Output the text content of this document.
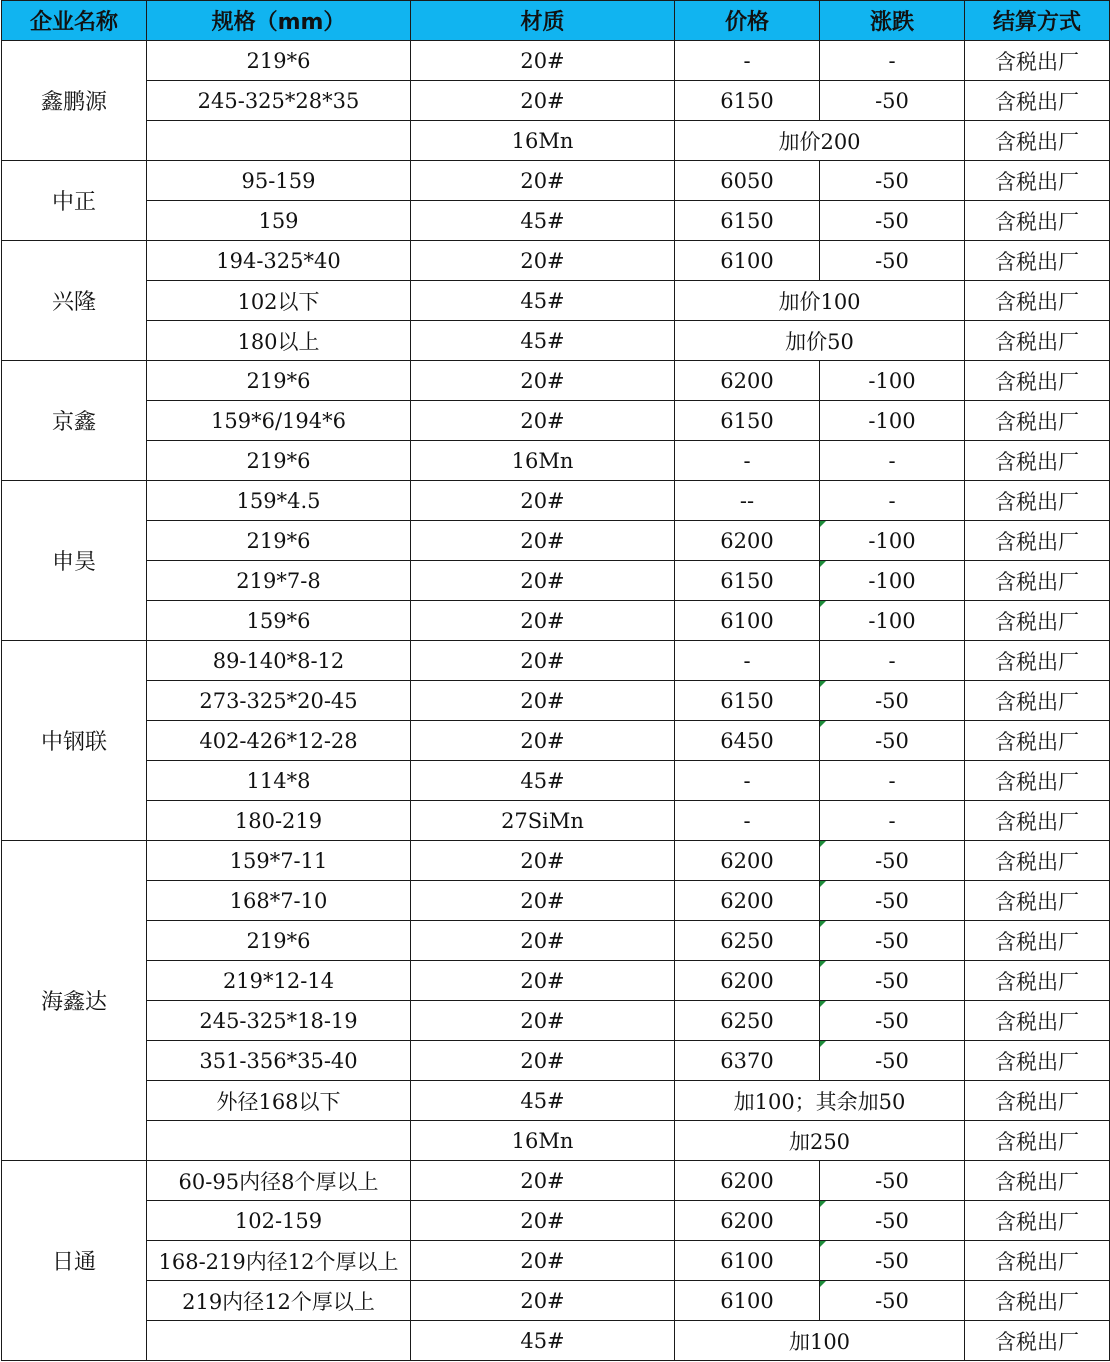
企业名称	规格（mm）	材质	价格	涨跌	结算方式
鑫鹏源	219*6	20#	-	-	含税出厂
	245-325*28*35	20#	6150	-50	含税出厂
		16Mn	加价200		含税出厂
中正	95-159	20#	6050	-50	含税出厂
	159	45#	6150	-50	含税出厂
兴隆	194-325*40	20#	6100	-50	含税出厂
	102以下	45#	加价100		含税出厂
	180以上	45#	加价50		含税出厂
京鑫	219*6	20#	6200	-100	含税出厂
	159*6/194*6	20#	6150	-100	含税出厂
	219*6	16Mn	-	-	含税出厂
申昊	159*4.5	20#	--	-	含税出厂
	219*6	20#	6200	-100	含税出厂
	219*7-8	20#	6150	-100	含税出厂
	159*6	20#	6100	-100	含税出厂
中钢联	89-140*8-12	20#	-	-	含税出厂
	273-325*20-45	20#	6150	-50	含税出厂
	402-426*12-28	20#	6450	-50	含税出厂
	114*8	45#	-	-	含税出厂
	180-219	27SiMn	-	-	含税出厂
海鑫达	159*7-11	20#	6200	-50	含税出厂
	168*7-10	20#	6200	-50	含税出厂
	219*6	20#	6250	-50	含税出厂
	219*12-14	20#	6200	-50	含税出厂
	245-325*18-19	20#	6250	-50	含税出厂
	351-356*35-40	20#	6370	-50	含税出厂
	外径168以下	45#	加100；其余加50		含税出厂
		16Mn	加250		含税出厂
日通	60-95内径8个厚以上	20#	6200	-50	含税出厂
	102-159	20#	6200	-50	含税出厂
	168-219内径12个厚以上	20#	6100	-50	含税出厂
	219内径12个厚以上	20#	6100	-50	含税出厂
		45#	加100		含税出厂
